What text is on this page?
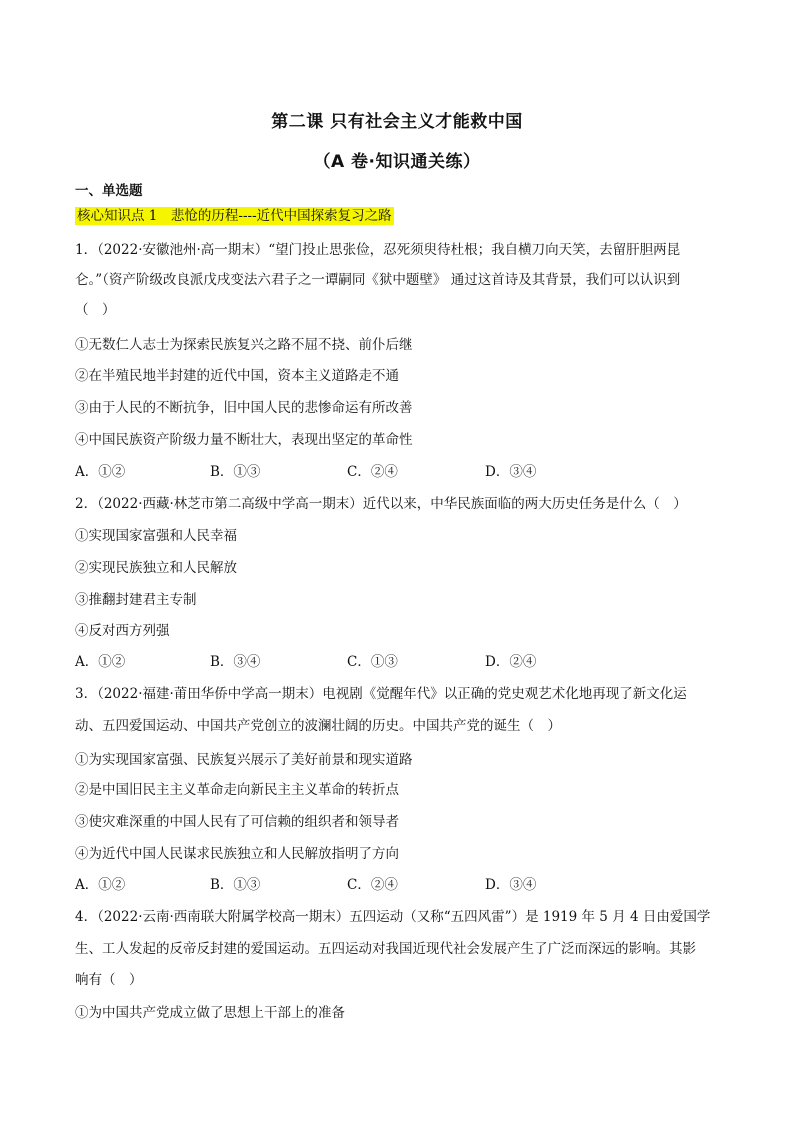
第二课 只有社会主义才能救中国
（A 卷·知识通关练）
一、单选题
核心知识点 1　悲怆的历程----近代中国探索复习之路
1．（2022·安徽池州·高一期末）“望门投止思张俭，忍死须臾待杜根；我自横刀向天笑，去留肝胆两昆
仑。”（资产阶级改良派戊戌变法六君子之一谭嗣同《狱中题壁》 通过这首诗及其背景，我们可以认识到
（　）
①无数仁人志士为探索民族复兴之路不屈不挠、前仆后继
②在半殖民地半封建的近代中国，资本主义道路走不通
③由于人民的不断抗争，旧中国人民的悲惨命运有所改善
④中国民族资产阶级力量不断壮大，表现出坚定的革命性
A．①②	B．①③	C．②④	D．③④
2．（2022·西藏·林芝市第二高级中学高一期末）近代以来，中华民族面临的两大历史任务是什么（　）
①实现国家富强和人民幸福
②实现民族独立和人民解放
③推翻封建君主专制
④反对西方列强
A．①②	B．③④	C．①③	D．②④
3．（2022·福建·莆田华侨中学高一期末）电视剧《觉醒年代》以正确的党史观艺术化地再现了新文化运
动、五四爱国运动、中国共产党创立的波澜壮阔的历史。中国共产党的诞生（　）
①为实现国家富强、民族复兴展示了美好前景和现实道路
②是中国旧民主主义革命走向新民主主义革命的转折点
③使灾难深重的中国人民有了可信赖的组织者和领导者
④为近代中国人民谋求民族独立和人民解放指明了方向
A．①②	B．①③	C．②④	D．③④
4．（2022·云南·西南联大附属学校高一期末）五四运动（又称“五四风雷”）是 1919 年 5 月 4 日由爱国学
生、工人发起的反帝反封建的爱国运动。五四运动对我国近现代社会发展产生了广泛而深远的影响。其影
响有（　）
①为中国共产党成立做了思想上干部上的准备
